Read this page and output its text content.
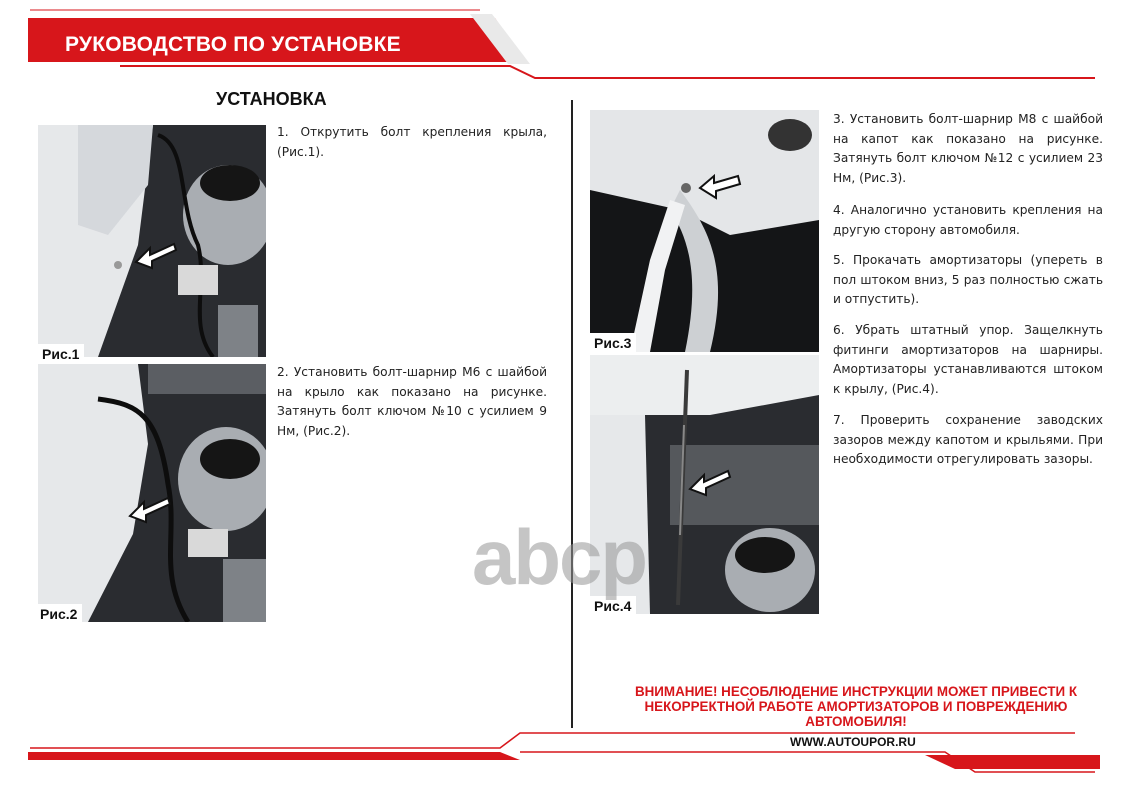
РУКОВОДСТВО ПО УСТАНОВКЕ
УСТАНОВКА
Рис.1
Рис.2
1. Открутить болт крепления крыла, (Рис.1).
2. Установить болт-шарнир М6 с шайбой на крыло как показано на рисунке. Затянуть болт ключом №10 с усилием 9 Нм, (Рис.2).
Рис.3
Рис.4
3. Установить болт-шарнир М8 с шайбой на капот как показано на рисунке. Затянуть болт ключом №12 с усилием 23 Нм, (Рис.3).
4. Аналогично установить крепления на другую сторону автомобиля.
5. Прокачать амортизаторы (упереть в пол штоком вниз, 5 раз полностью сжать и отпустить).
6. Убрать штатный упор. Защелкнуть фитинги амортизаторов на шарниры. Амортизаторы устанавливаются штоком к крылу, (Рис.4).
7. Проверить сохранение заводских зазоров между капотом и крыльями. При необходимости отрегулировать зазоры.
abcp
ВНИМАНИЕ! НЕСОБЛЮДЕНИЕ ИНСТРУКЦИИ МОЖЕТ ПРИВЕСТИ К
НЕКОРРЕКТНОЙ РАБОТЕ АМОРТИЗАТОРОВ И ПОВРЕЖДЕНИЮ
АВТОМОБИЛЯ!
WWW.AUTOUPOR.RU
